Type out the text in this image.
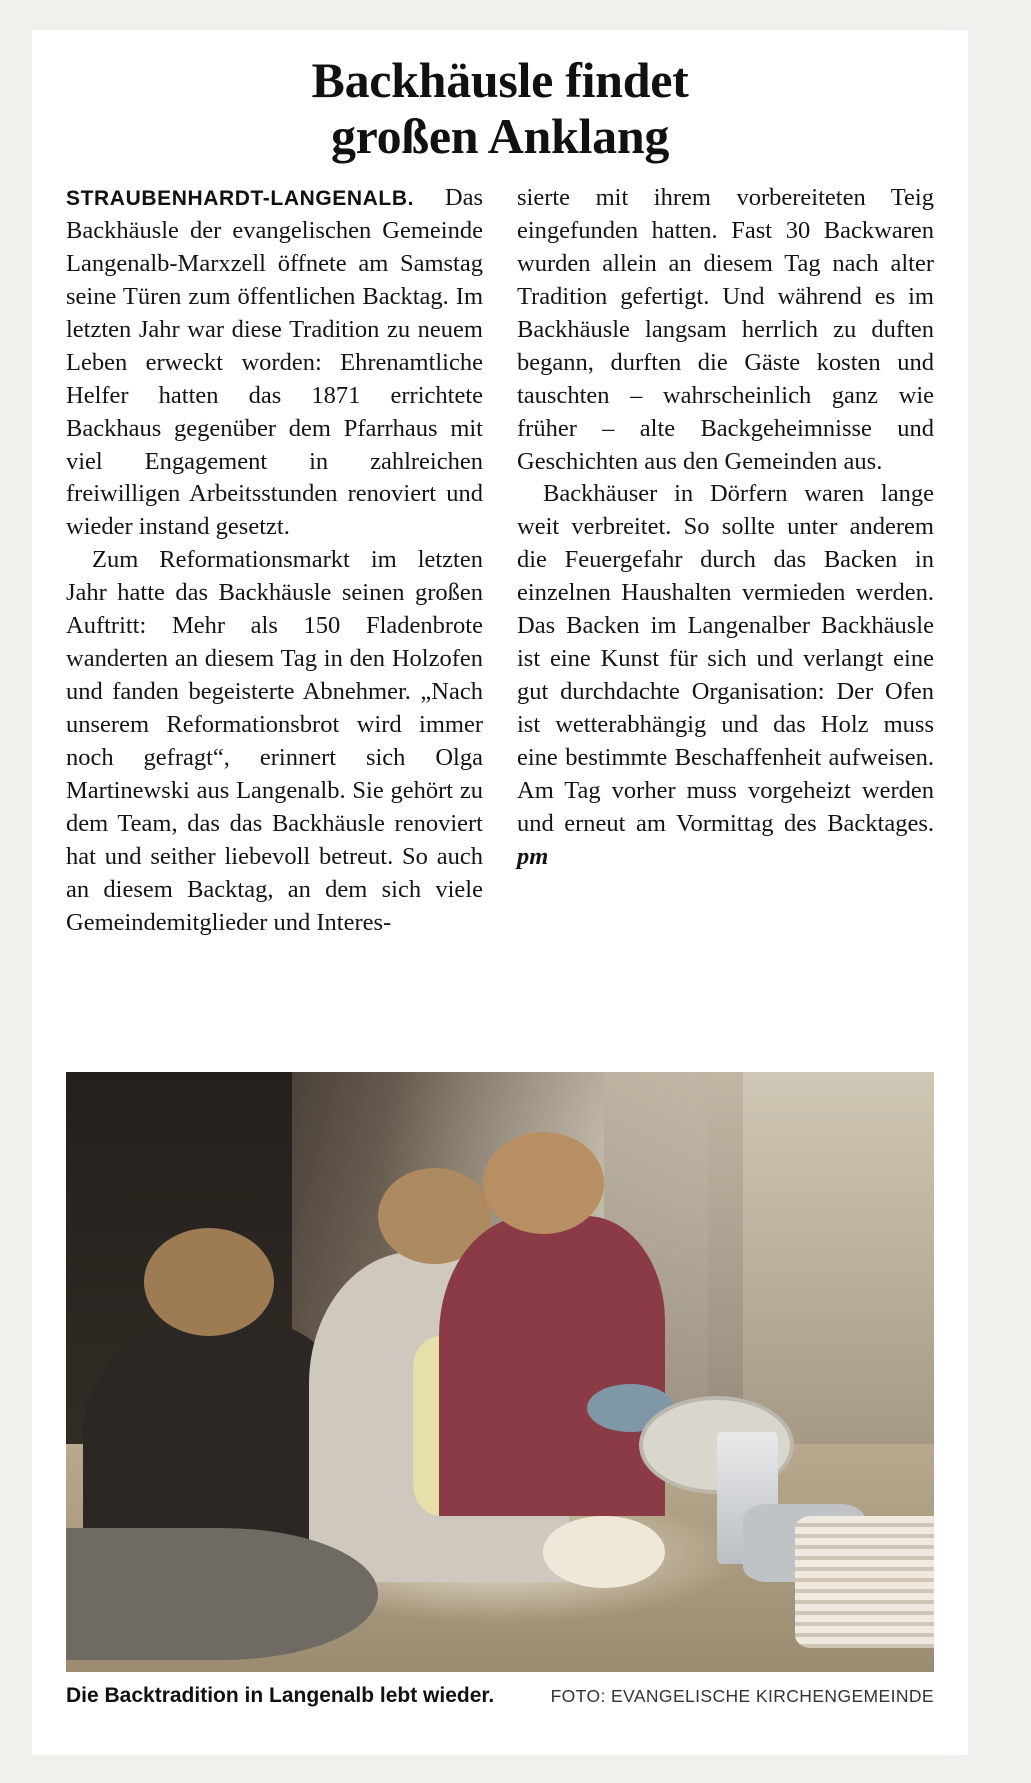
Backhäusle findet
großen Anklang

STRAUBENHARDT-LANGENALB. Das Backhäusle der evangelischen Gemeinde Langenalb-Marxzell öffnete am Samstag seine Türen zum öffentlichen Backtag. Im letzten Jahr war diese Tradition zu neuem Leben erweckt worden: Ehrenamtliche Helfer hatten das 1871 errichtete Backhaus gegenüber dem Pfarrhaus mit viel Engagement in zahlreichen freiwilligen Arbeitsstunden renoviert und wieder instand gesetzt.

Zum Reformationsmarkt im letzten Jahr hatte das Backhäusle seinen großen Auftritt: Mehr als 150 Fladenbrote wanderten an diesem Tag in den Holzofen und fanden begeisterte Abnehmer. „Nach unserem Reformationsbrot wird immer noch gefragt“, erinnert sich Olga Martinewski aus Langenalb. Sie gehört zu dem Team, das das Backhäusle renoviert hat und seither liebevoll betreut. So auch an diesem Backtag, an dem sich viele Gemeindemitglieder und Interes-

sierte mit ihrem vorbereiteten Teig eingefunden hatten. Fast 30 Backwaren wurden allein an diesem Tag nach alter Tradition gefertigt. Und während es im Backhäusle langsam herrlich zu duften begann, durften die Gäste kosten und tauschten – wahrscheinlich ganz wie früher – alte Backgeheimnisse und Geschichten aus den Gemeinden aus.

Backhäuser in Dörfern waren lange weit verbreitet. So sollte unter anderem die Feuergefahr durch das Backen in einzelnen Haushalten vermieden werden. Das Backen im Langenalber Backhäusle ist eine Kunst für sich und verlangt eine gut durchdachte Organisation: Der Ofen ist wetterabhängig und das Holz muss eine bestimmte Beschaffenheit aufweisen. Am Tag vorher muss vorgeheizt werden und erneut am Vormittag des Backtages. pm

Die Backtradition in Langenalb lebt wieder.	FOTO: EVANGELISCHE KIRCHENGEMEINDE
